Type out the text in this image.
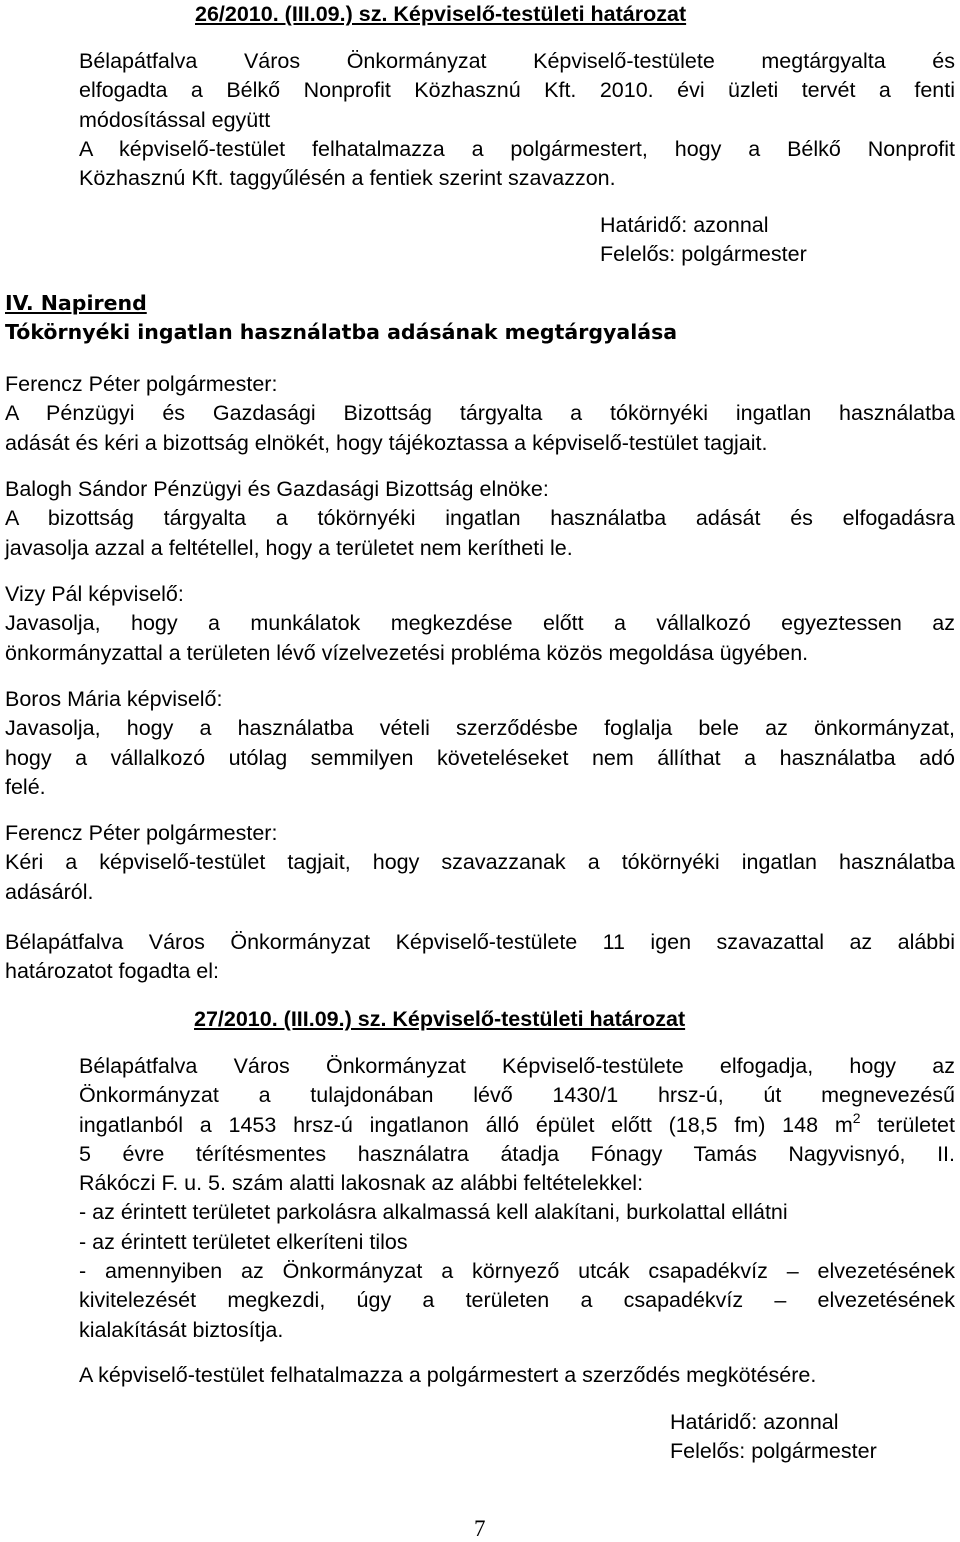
26/2010. (III.09.) sz. Képviselő-testületi határozat
Bélapátfalva Város Önkormányzat Képviselő-testülete megtárgyalta és
elfogadta a Bélkő Nonprofit Közhasznú Kft. 2010. évi üzleti tervét a fenti
módosítással együtt
A képviselő-testület felhatalmazza a polgármestert, hogy a Bélkő Nonprofit
Közhasznú Kft. taggyűlésén a fentiek szerint szavazzon.
Határidő: azonnal
Felelős: polgármester
IV. Napirend
Tókörnyéki ingatlan használatba adásának megtárgyalása
Ferencz Péter polgármester:
A Pénzügyi és Gazdasági Bizottság tárgyalta a tókörnyéki ingatlan használatba
adását és kéri a bizottság elnökét, hogy tájékoztassa a képviselő-testület tagjait.
Balogh Sándor Pénzügyi és Gazdasági Bizottság elnöke:
A bizottság tárgyalta a tókörnyéki ingatlan használatba adását és elfogadásra
javasolja azzal a feltétellel, hogy a területet nem kerítheti le.
Vizy Pál képviselő:
Javasolja, hogy a munkálatok megkezdése előtt a vállalkozó egyeztessen az
önkormányzattal a területen lévő vízelvezetési probléma közös megoldása ügyében.
Boros Mária képviselő:
Javasolja, hogy a használatba vételi szerződésbe foglalja bele az önkormányzat,
hogy a vállalkozó utólag semmilyen követeléseket nem állíthat a használatba adó
felé.
Ferencz Péter polgármester:
Kéri a képviselő-testület tagjait, hogy szavazzanak a tókörnyéki ingatlan használatba
adásáról.
Bélapátfalva Város Önkormányzat Képviselő-testülete 11 igen szavazattal az alábbi
határozatot fogadta el:
27/2010. (III.09.) sz. Képviselő-testületi határozat
Bélapátfalva Város Önkormányzat Képviselő-testülete elfogadja, hogy az
Önkormányzat a tulajdonában lévő 1430/1 hrsz-ú, út megnevezésű
ingatlanból a 1453 hrsz-ú ingatlanon álló épület előtt (18,5 fm) 148 $m^2$ területet
5 évre térítésmentes használatra átadja Fónagy Tamás Nagyvisnyó, II.
Rákóczi F. u. 5. szám alatti lakosnak az alábbi feltételekkel:
- az érintett területet parkolásra alkalmassá kell alakítani, burkolattal ellátni
- az érintett területet elkeríteni tilos
- amennyiben az Önkormányzat a környező utcák csapadékvíz – elvezetésének
kivitelezését megkezdi, úgy a területen a csapadékvíz – elvezetésének
kialakítását biztosítja.
A képviselő-testület felhatalmazza a polgármestert a szerződés megkötésére.
Határidő: azonnal
Felelős: polgármester
7
